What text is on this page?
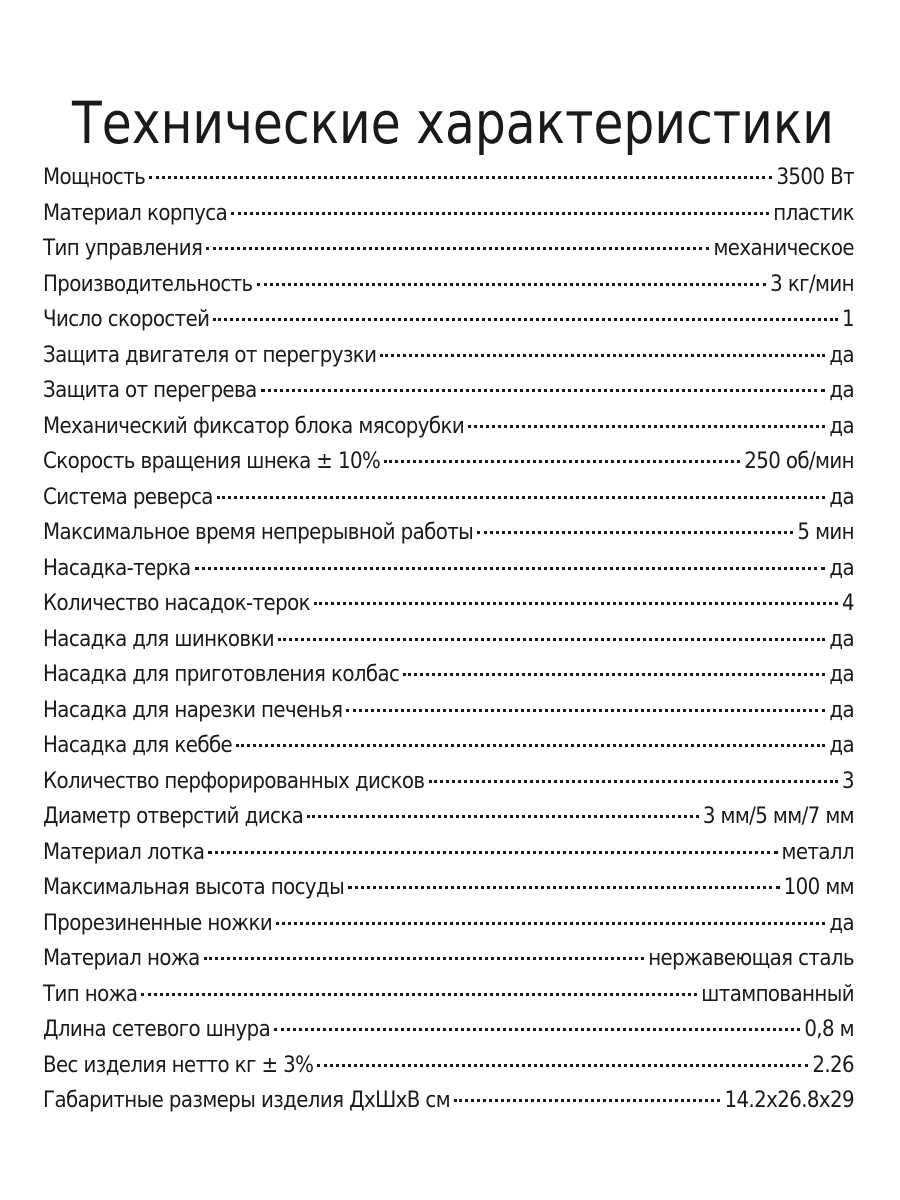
Технические характеристики
Мощность	3500 Вт
Материал корпуса	пластик
Тип управления	механическое
Производительность	3 кг/мин
Число скоростей	1
Защита двигателя от перегрузки	да
Защита от перегрева	да
Механический фиксатор блока мясорубки	да
Скорость вращения шнека ± 10%	250 об/мин
Система реверса	да
Максимальное время непрерывной работы	5 мин
Насадка-терка	да
Количество насадок-терок	4
Насадка для шинковки	да
Насадка для приготовления колбас	да
Насадка для нарезки печенья	да
Насадка для кеббе	да
Количество перфорированных дисков	3
Диаметр отверстий диска	3 мм/5 мм/7 мм
Материал лотка	металл
Максимальная высота посуды	100 мм
Прорезиненные ножки	да
Материал ножа	нержавеющая сталь
Тип ножа	штампованный
Длина сетевого шнура	0,8 м
Вес изделия нетто кг ± 3%	2.26
Габаритные размеры изделия ДхШхВ см	14.2х26.8х29
